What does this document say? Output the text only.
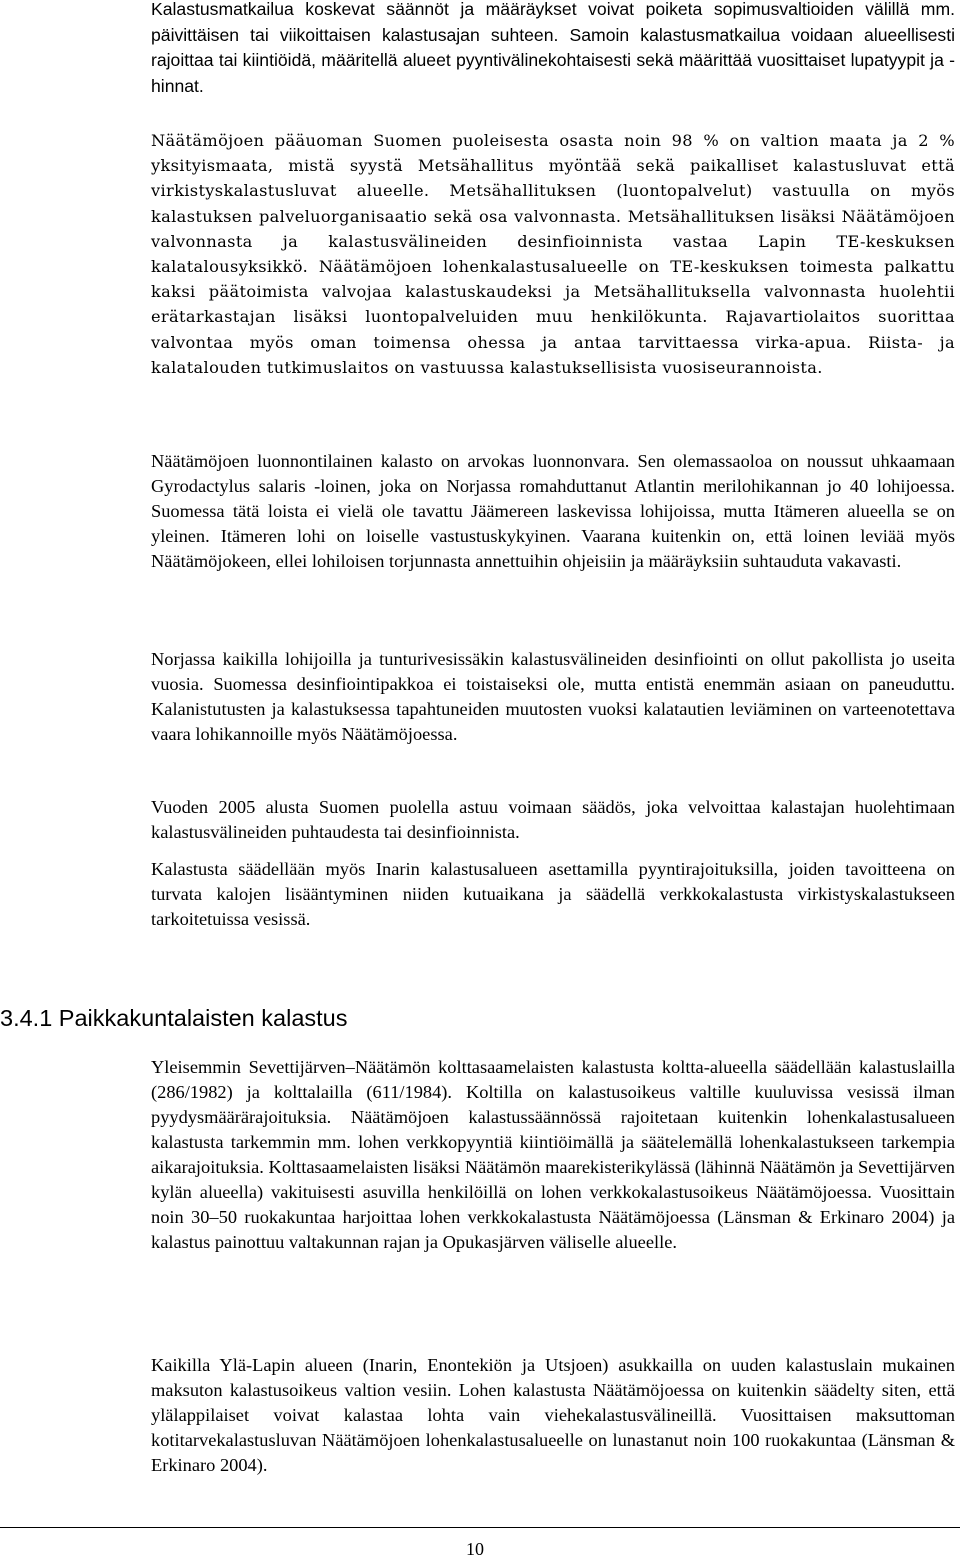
Kalastusmatkailua koskevat säännöt ja määräykset voivat poiketa sopimusvaltioiden välillä mm. päivittäisen tai viikoittaisen kalastusajan suhteen. Samoin kalastusmatkailua voidaan alueellisesti rajoittaa tai kiintiöidä, määritellä alueet pyyntivälinekohtaisesti sekä määrittää vuosittaiset lupatyypit ja -hinnat.

Näätämöjoen pääuoman Suomen puoleisesta osasta noin 98 % on valtion maata ja 2 % yksityismaata, mistä syystä Metsähallitus myöntää sekä paikalliset kalastusluvat että virkistyskalastusluvat alueelle. Metsähallituksen (luontopalvelut) vastuulla on myös kalastuksen palveluorganisaatio sekä osa valvonnasta. Metsähallituksen lisäksi Näätämöjoen valvonnasta ja kalastusvälineiden desinfioinnista vastaa Lapin TE-keskuksen kalatalousyksikkö. Näätämöjoen lohenkalastusalueelle on TE-keskuksen toimesta palkattu kaksi päätoimista valvojaa kalastuskaudeksi ja Metsähallituksella valvonnasta huolehtii erätarkastajan lisäksi luontopalveluiden muu henkilökunta. Rajavartiolaitos suorittaa valvontaa myös oman toimensa ohessa ja antaa tarvittaessa virka-apua. Riista- ja kalatalouden tutkimuslaitos on vastuussa kalastuksellisista vuosiseurannoista.

Näätämöjoen luonnontilainen kalasto on arvokas luonnonvara. Sen olemassaoloa on noussut uhkaamaan Gyrodactylus salaris -loinen, joka on Norjassa romahduttanut Atlantin merilohikannan jo 40 lohijoessa. Suomessa tätä loista ei vielä ole tavattu Jäämereen laskevissa lohijoissa, mutta Itämeren alueella se on yleinen. Itämeren lohi on loiselle vastustuskykyinen. Vaarana kuitenkin on, että loinen leviää myös Näätämöjokeen, ellei lohiloisen torjunnasta annettuihin ohjeisiin ja määräyksiin suhtauduta vakavasti.

Norjassa kaikilla lohijoilla ja tunturivesissäkin kalastusvälineiden desinfiointi on ollut pakollista jo useita vuosia. Suomessa desinfiointipakkoa ei toistaiseksi ole, mutta entistä enemmän asiaan on paneuduttu. Kalanistutusten ja kalastuksessa tapahtuneiden muutosten vuoksi kalatautien leviäminen on varteenotettava vaara lohikannoille myös Näätämöjoessa.

Vuoden 2005 alusta Suomen puolella astuu voimaan säädös, joka velvoittaa kalastajan huolehtimaan kalastusvälineiden puhtaudesta tai desinfioinnista.

Kalastusta säädellään myös Inarin kalastusalueen asettamilla pyyntirajoituksilla, joiden tavoitteena on turvata kalojen lisääntyminen niiden kutuaikana ja säädellä verkkokalastusta virkistyskalastukseen tarkoitetuissa vesissä.

3.4.1 Paikkakuntalaisten kalastus

Yleisemmin Sevettijärven–Näätämön kolttasaamelaisten kalastusta koltta-alueella säädellään kalastuslailla (286/1982) ja kolttalailla (611/1984). Koltilla on kalastusoikeus valtille kuuluvissa vesissä ilman pyydysmäärärajoituksia. Näätämöjoen kalastussäännössä rajoitetaan kuitenkin lohenkalastusalueen kalastusta tarkemmin mm. lohen verkkopyyntiä kiintiöimällä ja säätelemällä lohenkalastukseen tarkempia aikarajoituksia. Kolttasaamelaisten lisäksi Näätämön maarekisterikylässä (lähinnä Näätämön ja Sevettijärven kylän alueella) vakituisesti asuvilla henkilöillä on lohen verkkokalastusoikeus Näätämöjoessa. Vuosittain noin 30–50 ruokakuntaa harjoittaa lohen verkkokalastusta Näätämöjoessa (Länsman & Erkinaro 2004) ja kalastus painottuu valtakunnan rajan ja Opukasjärven väliselle alueelle.

Kaikilla Ylä-Lapin alueen (Inarin, Enontekiön ja Utsjoen) asukkailla on uuden kalastuslain mukainen maksuton kalastusoikeus valtion vesiin. Lohen kalastusta Näätämöjoessa on kuitenkin säädelty siten, että ylälappilaiset voivat kalastaa lohta vain viehekalastusvälineillä. Vuosittaisen maksuttoman kotitarvekalastusluvan Näätämöjoen lohenkalastusalueelle on lunastanut noin 100 ruokakuntaa (Länsman & Erkinaro 2004).

10
